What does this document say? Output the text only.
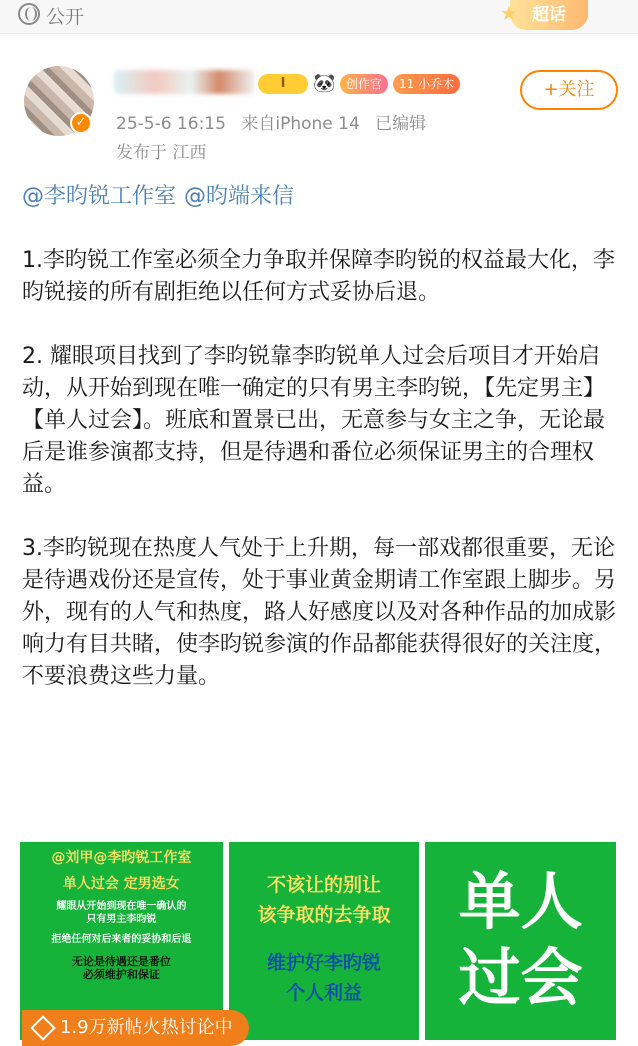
公开	★ 超话
✓
I	🐼 创作官	11 小乔木	+关注
25-5-6 16:15 来自iPhone 14 已编辑
发布于 江西
@李昀锐工作室 @昀端来信
1.李昀锐工作室必须全力争取并保障李昀锐的权益最大化，李昀锐接的所有剧拒绝以任何方式妥协后退。
2. 耀眼项目找到了李昀锐靠李昀锐单人过会后项目才开始启动，从开始到现在唯一确定的只有男主李昀锐，【先定男主】【单人过会】。班底和置景已出，无意参与女主之争，无论最后是谁参演都支持，但是待遇和番位必须保证男主的合理权益。
3.李昀锐现在热度人气处于上升期，每一部戏都很重要，无论是待遇戏份还是宣传，处于事业黄金期请工作室跟上脚步。另外，现有的人气和热度，路人好感度以及对各种作品的加成影响力有目共睹，使李昀锐参演的作品都能获得很好的关注度，不要浪费这些力量。
@刘甲@李昀锐工作室
单人过会 定男选女
耀眼从开始到现在唯一确认的
只有男主李昀锐
拒绝任何对后来者的妥协和后退
无论是待遇还是番位
必须维护和保证
不该让的别让
该争取的去争取
维护好李昀锐
个人利益
单人
过会
1.9万新帖火热讨论中
